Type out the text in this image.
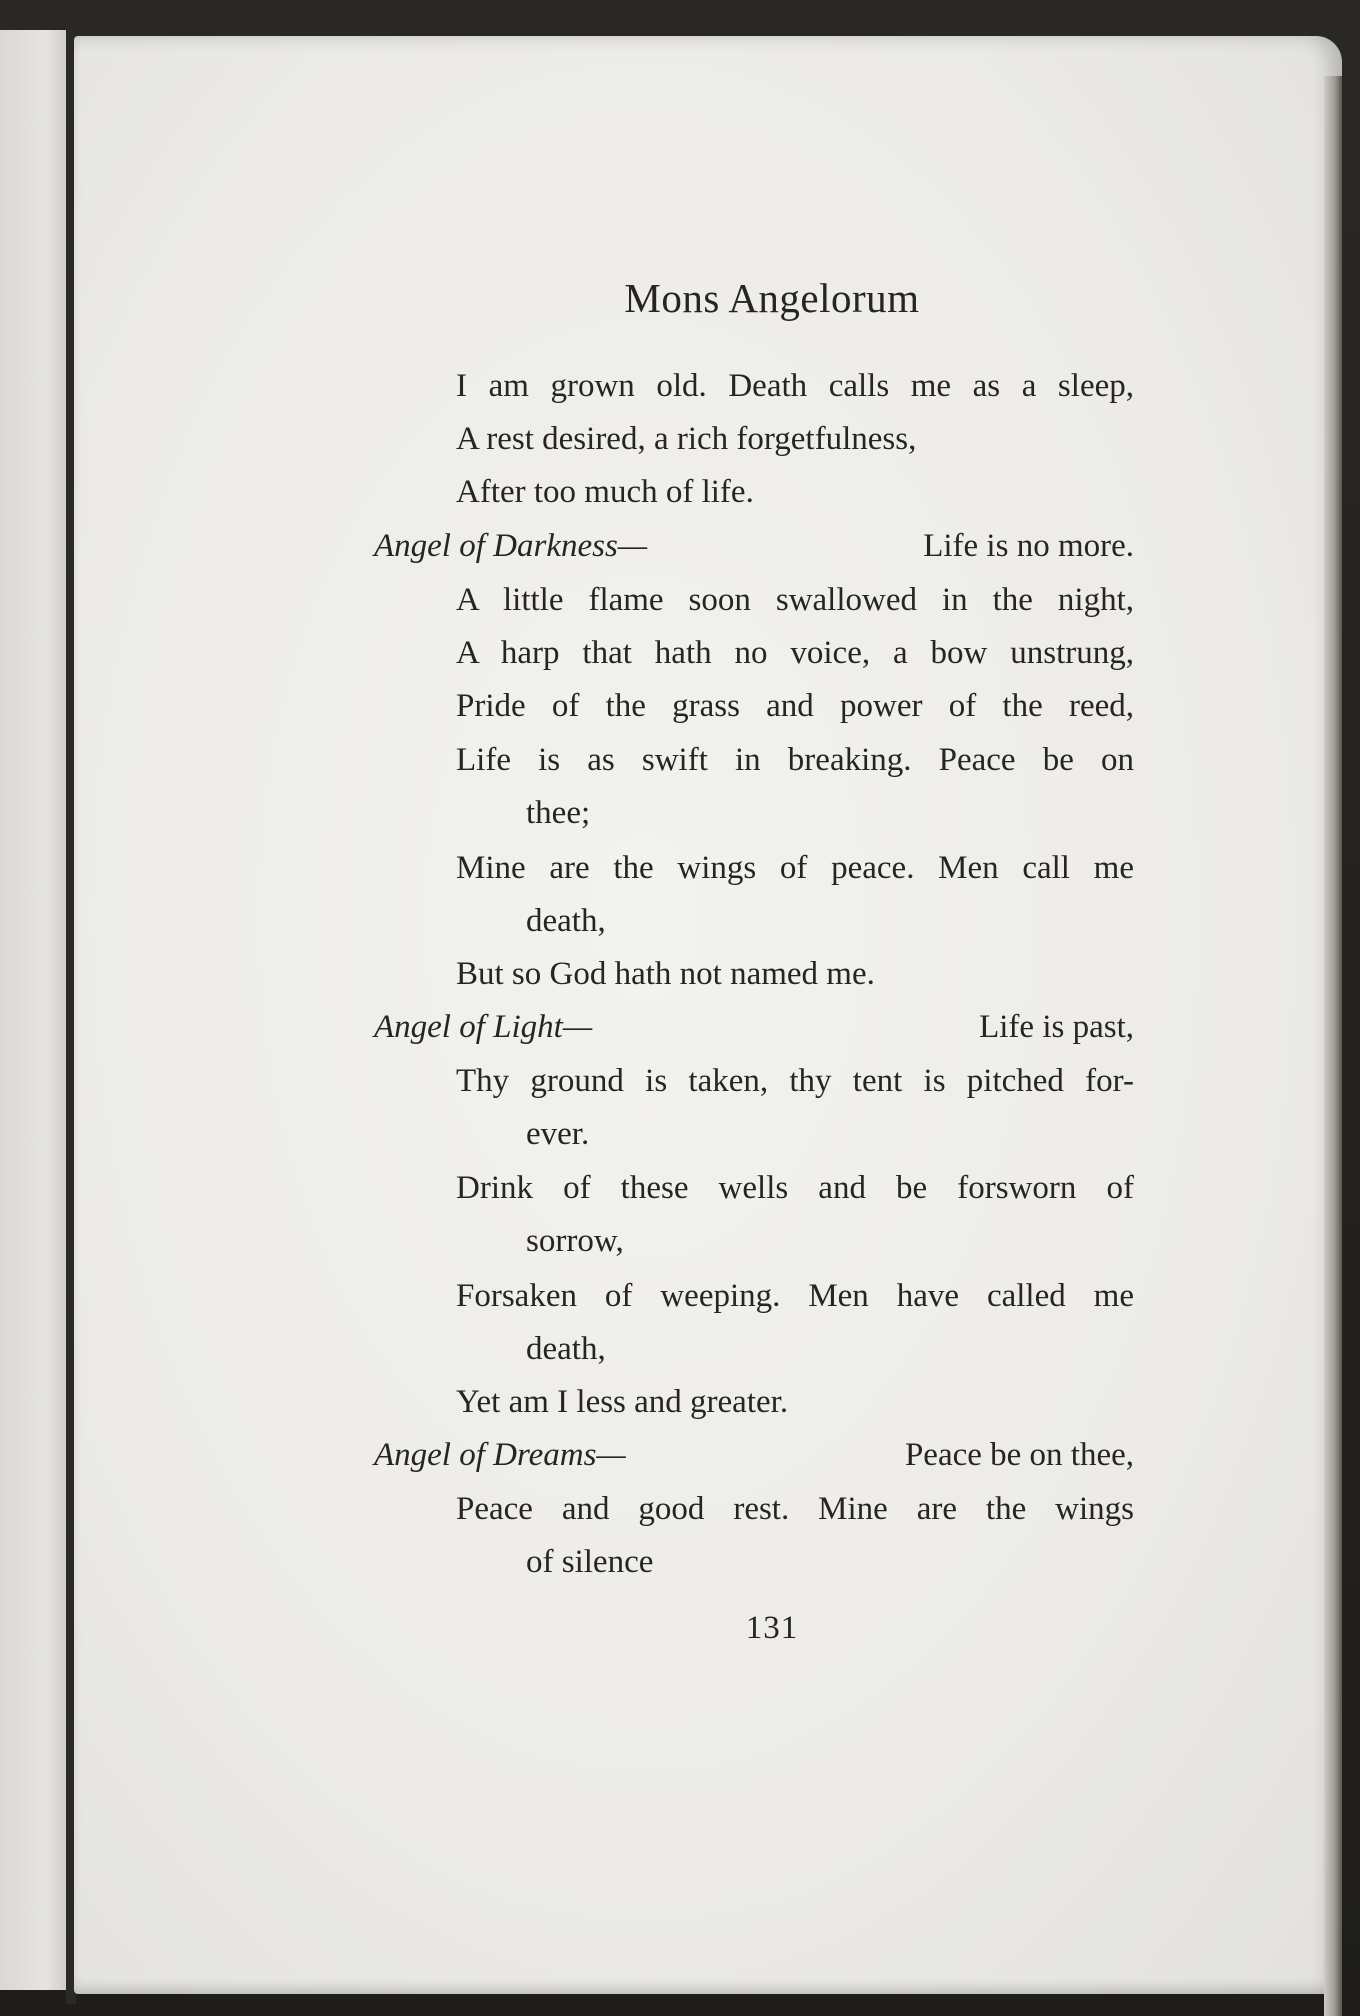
Mons Angelorum
I am grown old. Death calls me as a sleep,
A rest desired, a rich forgetfulness,
After too much of life.
Angel of Darkness—	Life is no more.
A little flame soon swallowed in the night,
A harp that hath no voice, a bow unstrung,
Pride of the grass and power of the reed,
Life is as swift in breaking. Peace be on
thee;
Mine are the wings of peace. Men call me
death,
But so God hath not named me.
Angel of Light—	Life is past,
Thy ground is taken, thy tent is pitched for-
ever.
Drink of these wells and be forsworn of
sorrow,
Forsaken of weeping. Men have called me
death,
Yet am I less and greater.
Angel of Dreams—	Peace be on thee,
Peace and good rest. Mine are the wings
of silence
131
